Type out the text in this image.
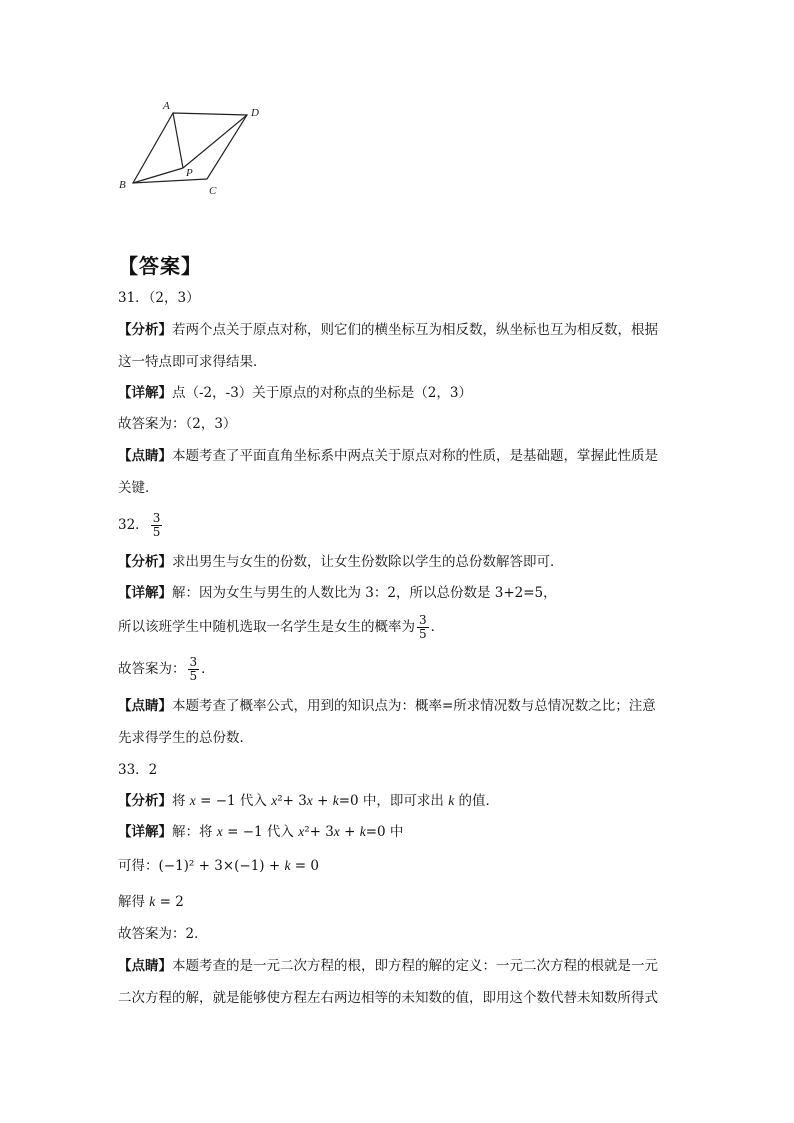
A
D
P
B	C
【答案】
31．（2，3）
【分析】若两个点关于原点对称，则它们的横坐标互为相反数，纵坐标也互为相反数，根据
这一特点即可求得结果．
【详解】点（-2，-3）关于原点的对称点的坐标是（2，3）
故答案为：（2，3）
【点睛】本题考查了平面直角坐标系中两点关于原点对称的性质，是基础题，掌握此性质是
关键．
32． $\frac{3}{5}$
【分析】求出男生与女生的份数，让女生份数除以学生的总份数解答即可．
【详解】解：因为女生与男生的人数比为 3：2，所以总份数是 3+2=5，
所以该班学生中随机选取一名学生是女生的概率为 $\frac{3}{5}$ ．
故答案为： $\frac{3}{5}$ ．
【点睛】本题考查了概率公式，用到的知识点为：概率=所求情况数与总情况数之比；注意
先求得学生的总份数．
33．2
【分析】将 x = −1 代入 x²+ 3x + k=0 中，即可求出 k 的值．
【详解】解：将 x = −1 代入 x²+ 3x + k=0 中
可得：(−1)² + 3×(−1) + k = 0
解得 k = 2
故答案为：2．
【点睛】本题考查的是一元二次方程的根，即方程的解的定义：一元二次方程的根就是一元
二次方程的解，就是能够使方程左右两边相等的未知数的值，即用这个数代替未知数所得式
